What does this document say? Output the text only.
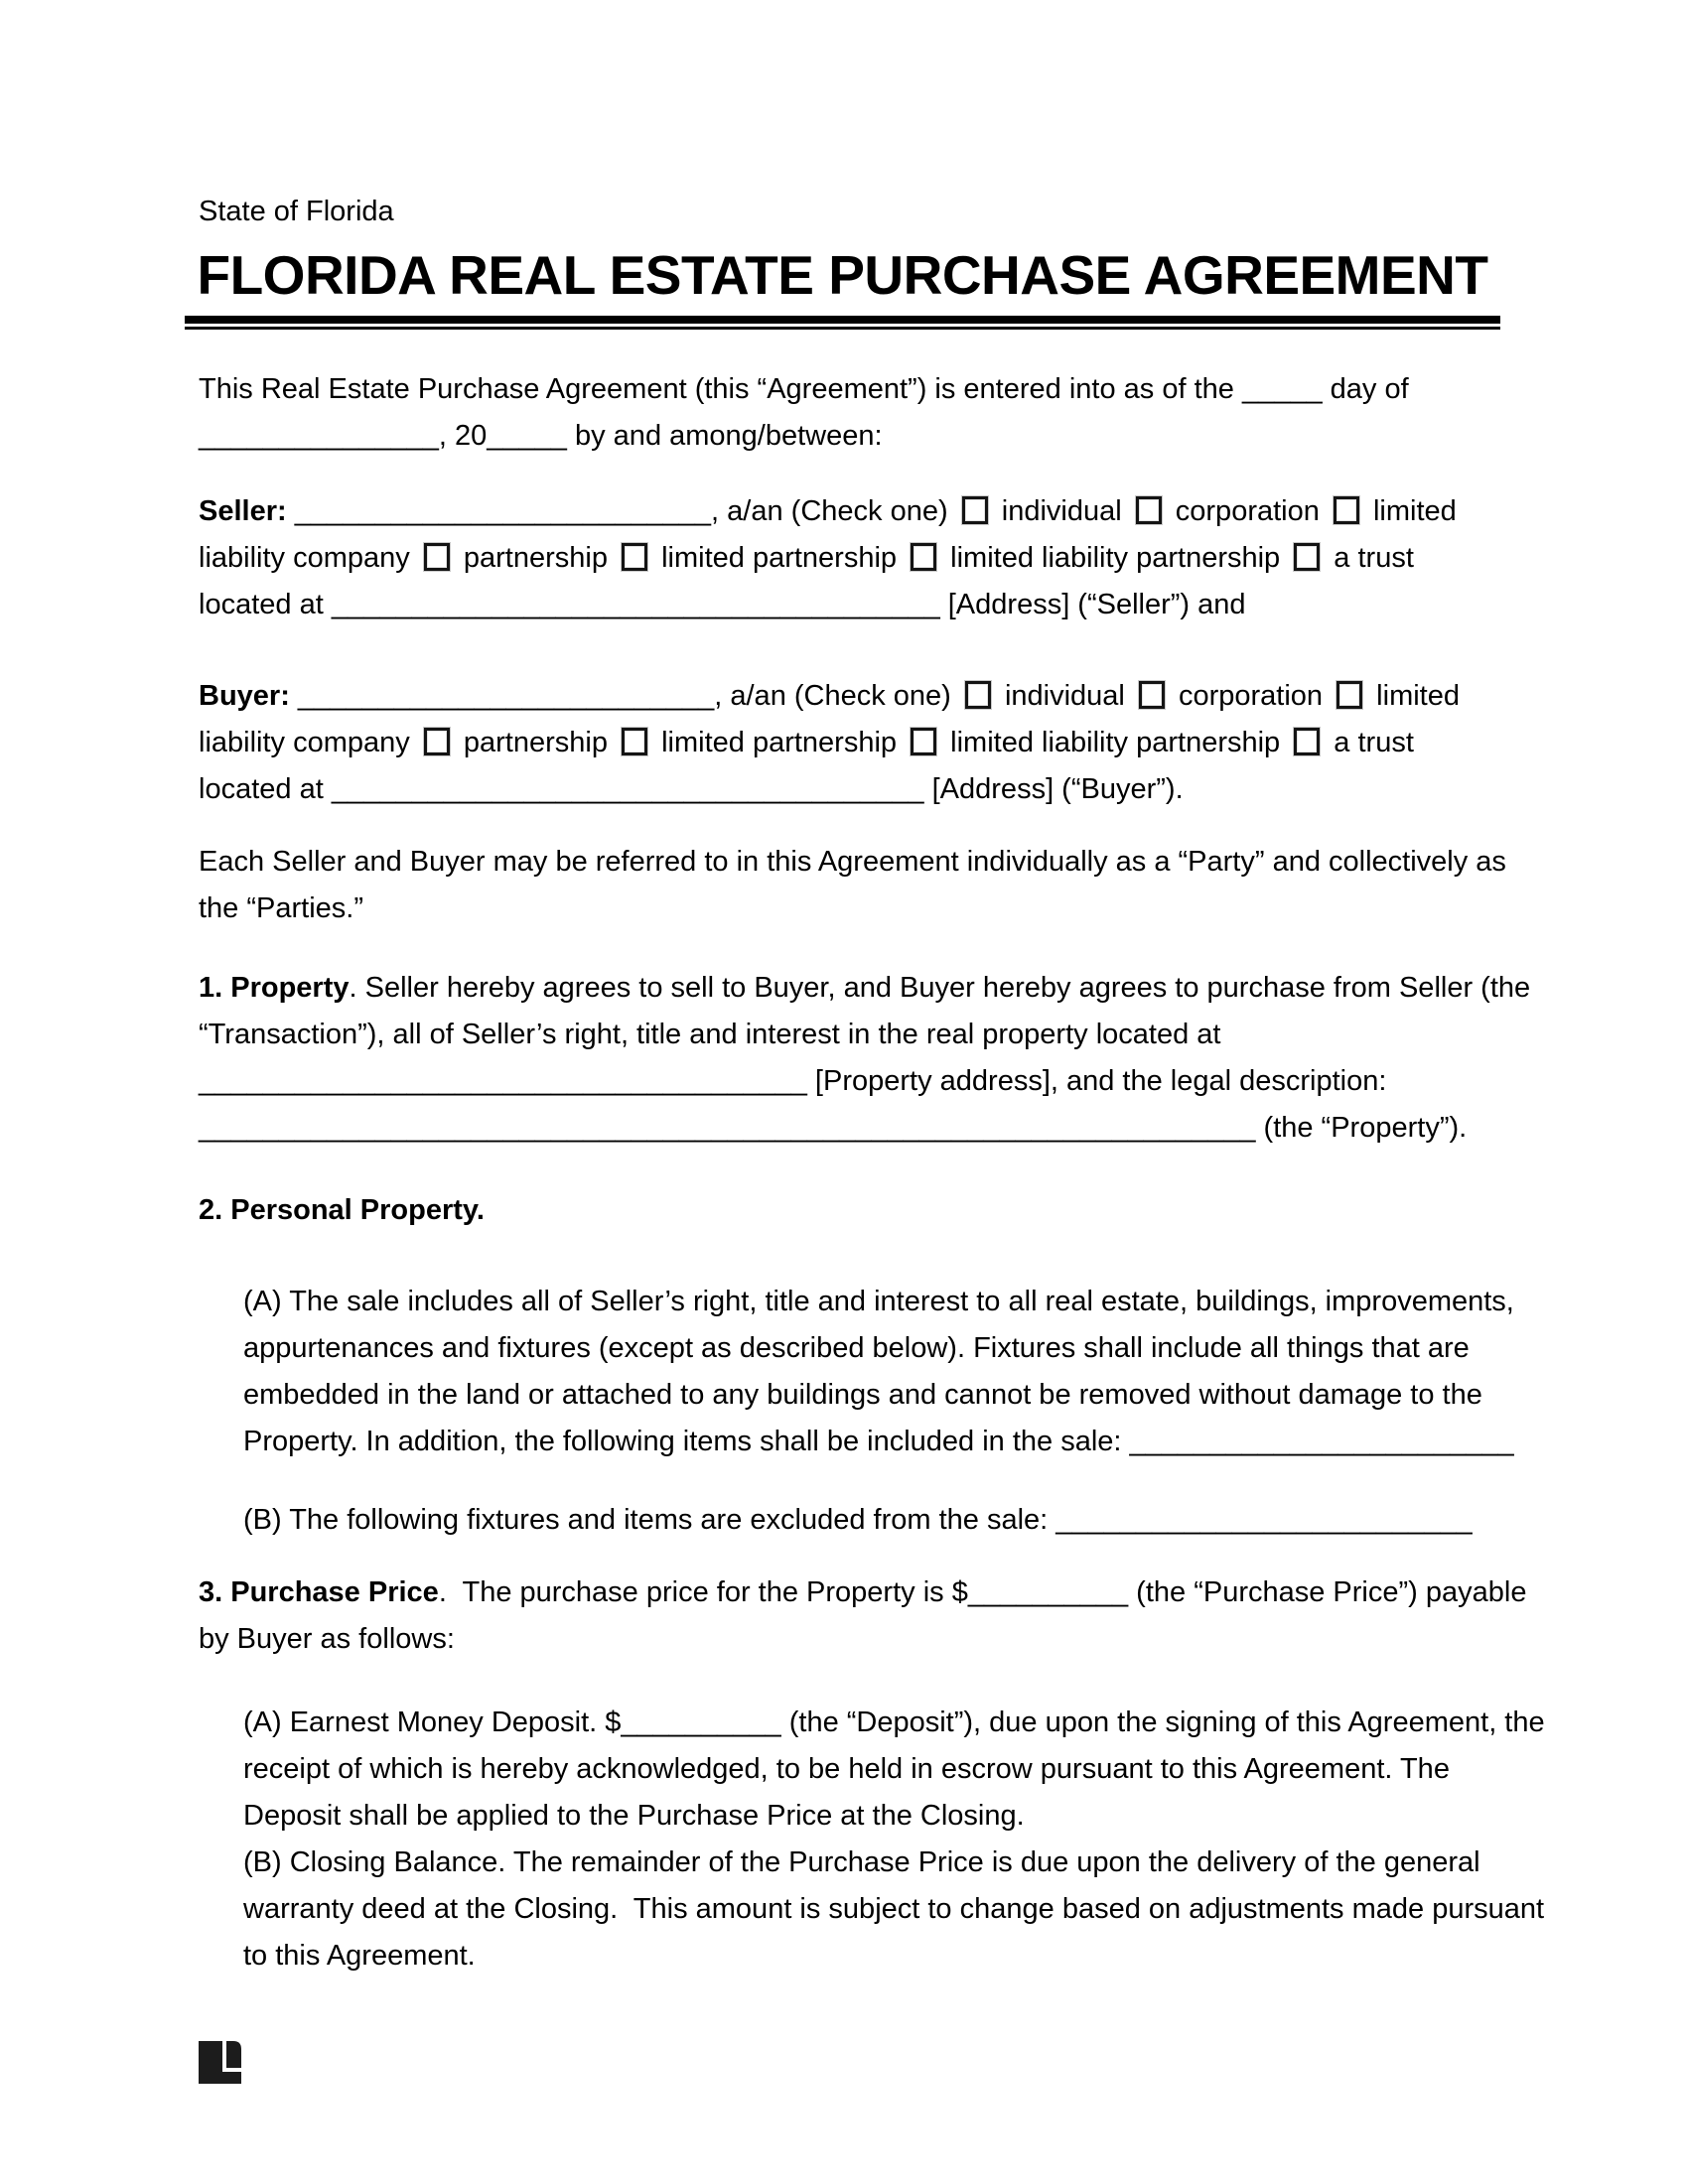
State of Florida
FLORIDA REAL ESTATE PURCHASE AGREEMENT
This Real Estate Purchase Agreement (this “Agreement”) is entered into as of the _____ day of
_______________, 20_____ by and among/between:
Seller: __________________________, a/an (Check one)  individual  corporation  limited
liability company  partnership  limited partnership  limited liability partnership  a trust
located at ______________________________________ [Address] (“Seller”) and
Buyer: __________________________, a/an (Check one)  individual  corporation  limited
liability company  partnership  limited partnership  limited liability partnership  a trust
located at _____________________________________ [Address] (“Buyer”).
Each Seller and Buyer may be referred to in this Agreement individually as a “Party” and collectively as
the “Parties.”
1. Property. Seller hereby agrees to sell to Buyer, and Buyer hereby agrees to purchase from Seller (the
“Transaction”), all of Seller’s right, title and interest in the real property located at
______________________________________ [Property address], and the legal description:
__________________________________________________________________ (the “Property”).
2. Personal Property.
(A) The sale includes all of Seller’s right, title and interest to all real estate, buildings, improvements,
appurtenances and fixtures (except as described below). Fixtures shall include all things that are
embedded in the land or attached to any buildings and cannot be removed without damage to the
Property. In addition, the following items shall be included in the sale: ________________________
(B) The following fixtures and items are excluded from the sale: __________________________
3. Purchase Price.  The purchase price for the Property is $__________ (the “Purchase Price”) payable
by Buyer as follows:
(A) Earnest Money Deposit. $__________ (the “Deposit”), due upon the signing of this Agreement, the
receipt of which is hereby acknowledged, to be held in escrow pursuant to this Agreement. The
Deposit shall be applied to the Purchase Price at the Closing.
(B) Closing Balance. The remainder of the Purchase Price is due upon the delivery of the general
warranty deed at the Closing.  This amount is subject to change based on adjustments made pursuant
to this Agreement.
